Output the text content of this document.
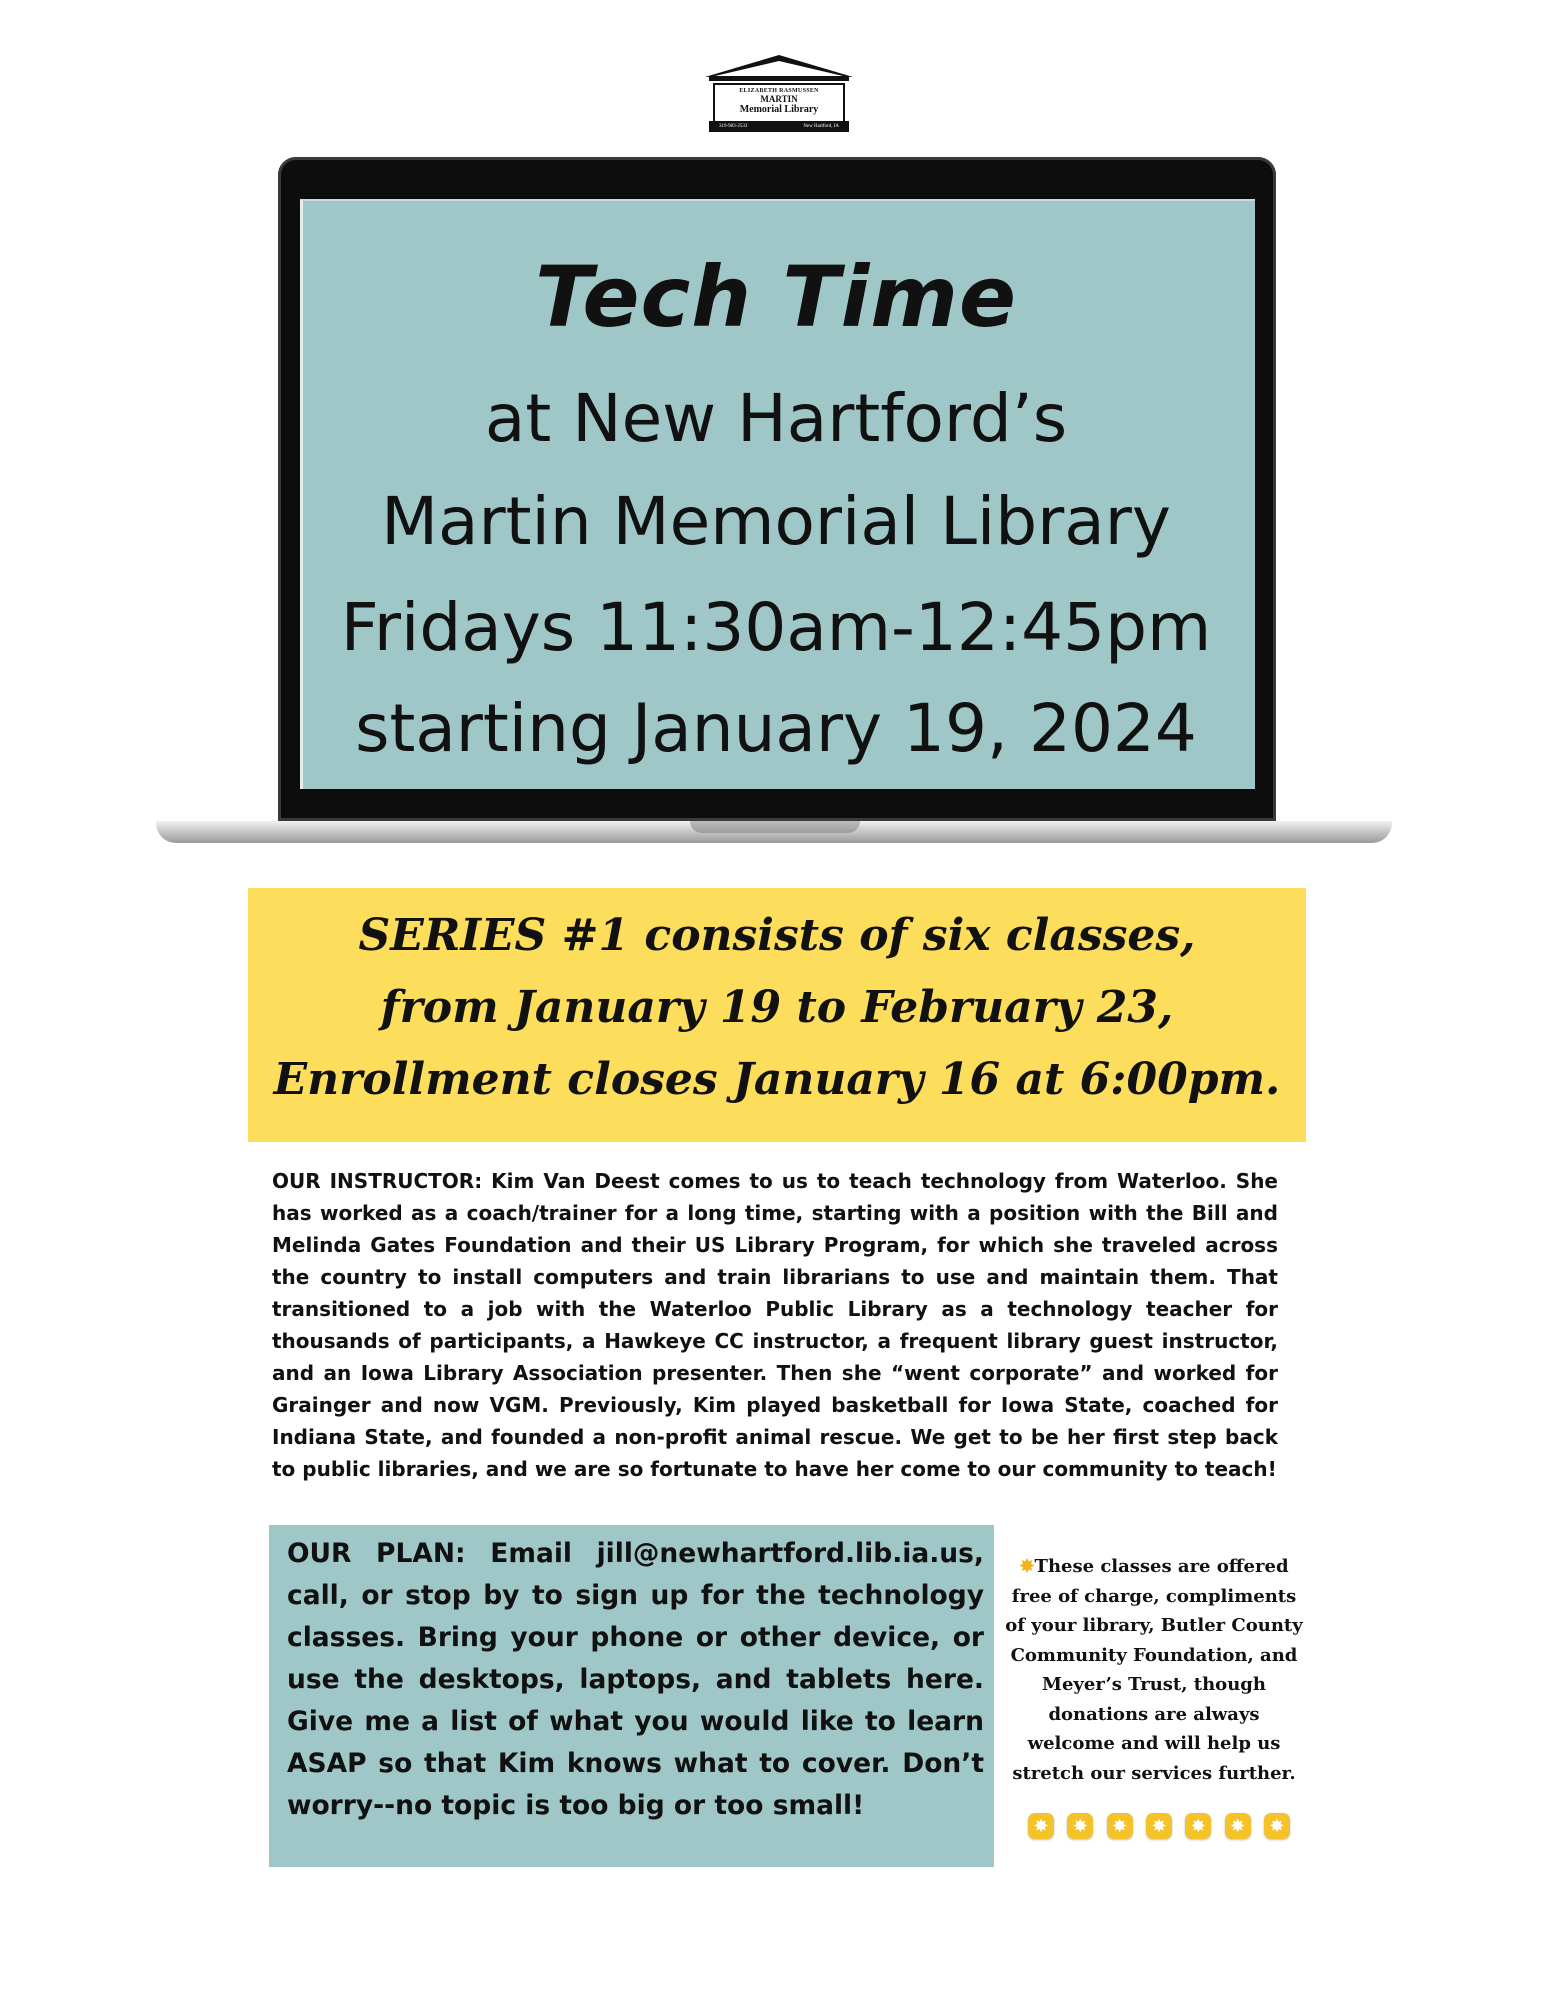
ELIZABETH RASMUSSEN
MARTIN
Memorial Library
319-983-2533	New Hartford, IA
Tech Time
at New Hartford’s
Martin Memorial Library
Fridays 11:30am-12:45pm
starting January 19, 2024
SERIES #1 consists of six classes,
from January 19 to February 23,
Enrollment closes January 16 at 6:00pm.
OUR INSTRUCTOR: Kim Van Deest comes to us to teach technology from Waterloo. She has worked as a coach/trainer for a long time, starting with a position with the Bill and Melinda Gates Foundation and their US Library Program, for which she traveled across the country to install computers and train librarians to use and maintain them. That transitioned to a job with the Waterloo Public Library as a technology teacher for thousands of participants, a Hawkeye CC instructor, a frequent library guest instructor, and an Iowa Library Association presenter. Then she “went corporate” and worked for Grainger and now VGM. Previously, Kim played basketball for Iowa State, coached for Indiana State, and founded a non-profit animal rescue. We get to be her first step back to public libraries, and we are so fortunate to have her come to our community to teach!
OUR PLAN: Email jill@newhartford.lib.ia.us, call, or stop by to sign up for the technology classes. Bring your phone or other device, or use the desktops, laptops, and tablets here. Give me a list of what you would like to learn ASAP so that Kim knows what to cover. Don’t worry--no topic is too big or too small!
✸These classes are offered free of charge, compliments of your library, Butler County Community Foundation, and Meyer’s Trust, though donations are always welcome and will help us stretch our services further.
✸	✸	✸	✸	✸	✸	✸
